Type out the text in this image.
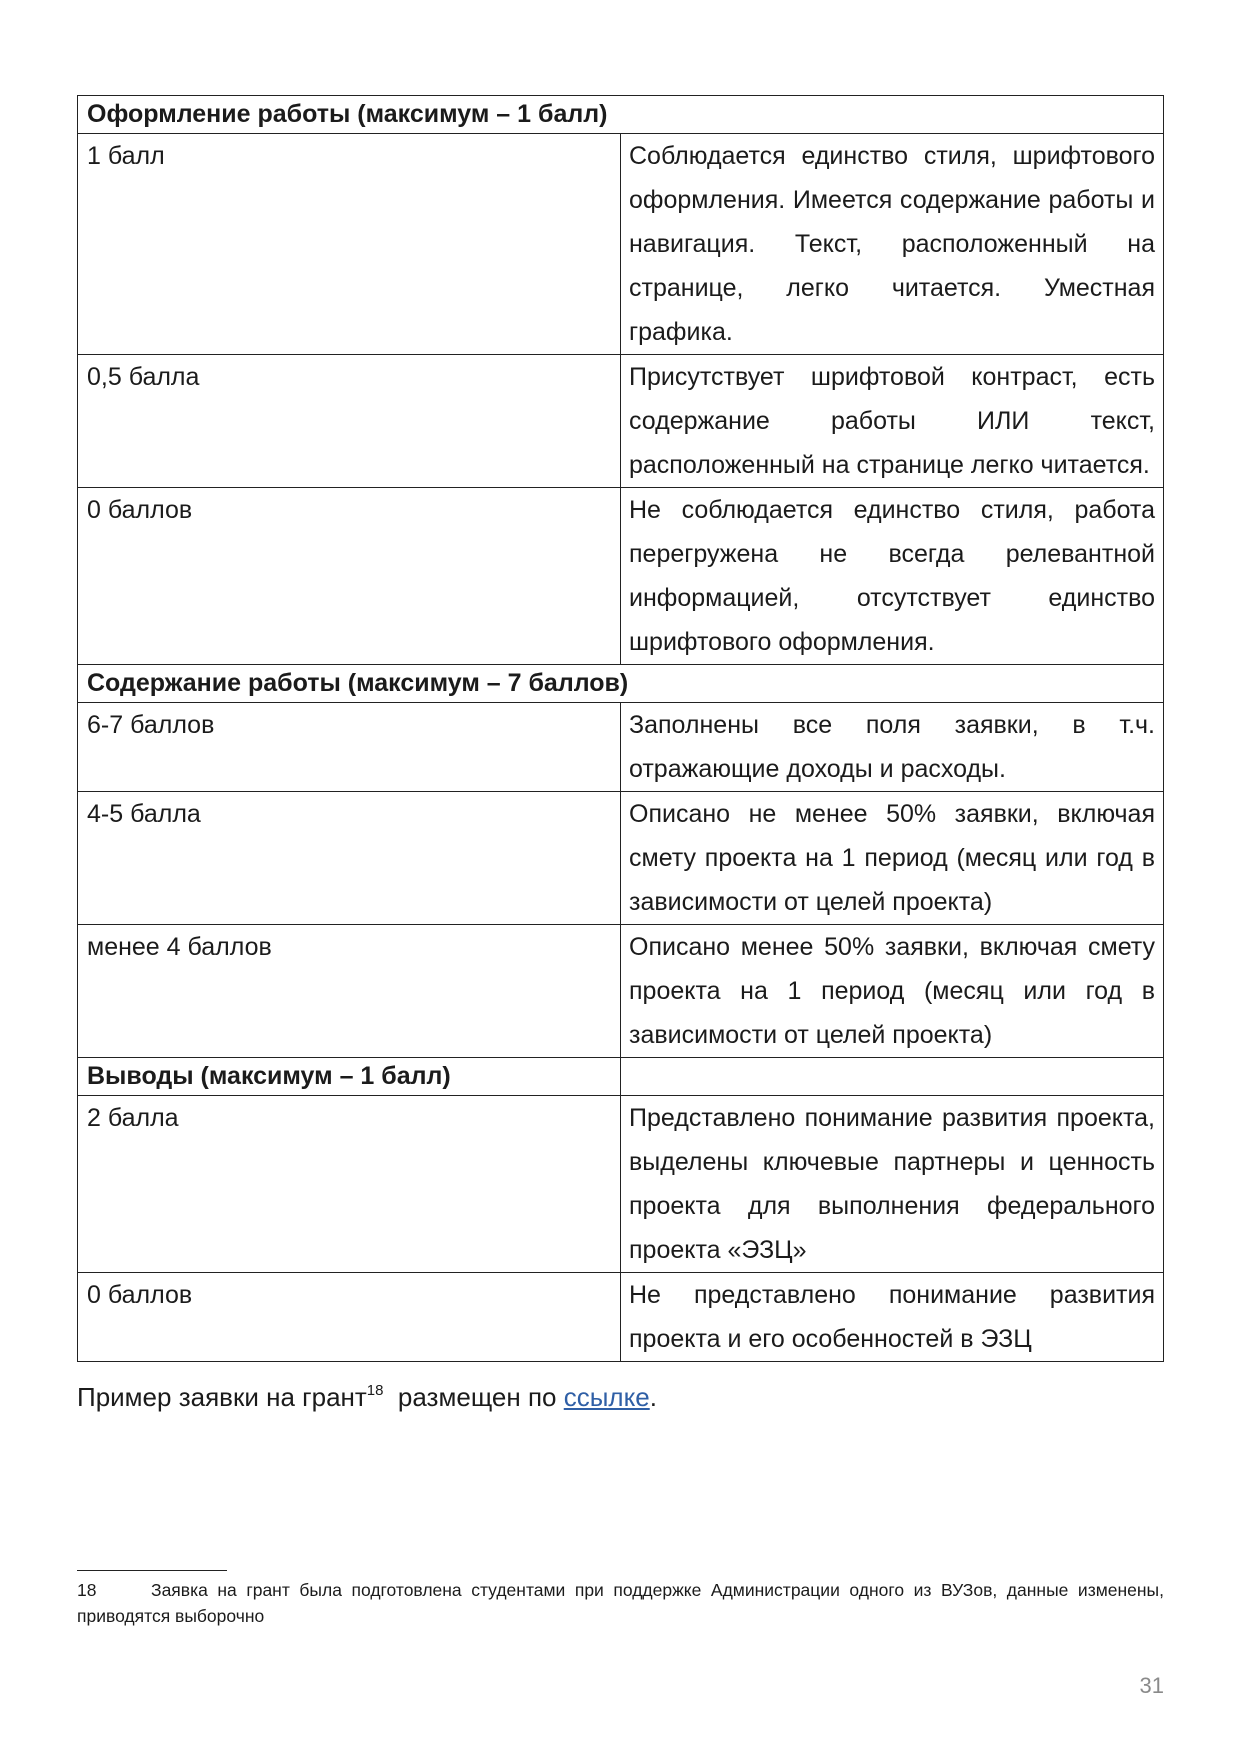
Оформление работы (максимум – 1 балл)	
1 балл	Соблюдается единство стиля, шрифтового оформления. Имеется содержание работы и навигация. Текст, расположенный на странице, легко читается. Уместная графика.
0,5 балла	Присутствует шрифтовой контраст, есть содержание работы ИЛИ текст, расположенный на странице легко читается.
0 баллов	Не соблюдается единство стиля, работа перегружена не всегда релевантной информацией, отсутствует единство шрифтового оформления.
Содержание работы (максимум – 7 баллов)	
6-7 баллов	Заполнены все поля заявки, в т.ч. отражающие доходы и расходы.
4-5 балла	Описано не менее 50% заявки, включая смету проекта на 1 период (месяц или год в зависимости от целей проекта)
менее 4 баллов	Описано менее 50% заявки, включая смету проекта на 1 период (месяц или год в зависимости от целей проекта)
Выводы (максимум – 1 балл)	
2 балла	Представлено понимание развития проекта, выделены ключевые партнеры и ценность проекта для выполнения федерального проекта «ЭЗЦ»
0 баллов	Не представлено понимание развития проекта и его особенностей в ЭЗЦ
Пример заявки на грант$^{18}$  размещен по ссылке.
18	Заявка на грант была подготовлена студентами при поддержке Администрации одного из ВУЗов, данные изменены, приводятся выборочно
31
